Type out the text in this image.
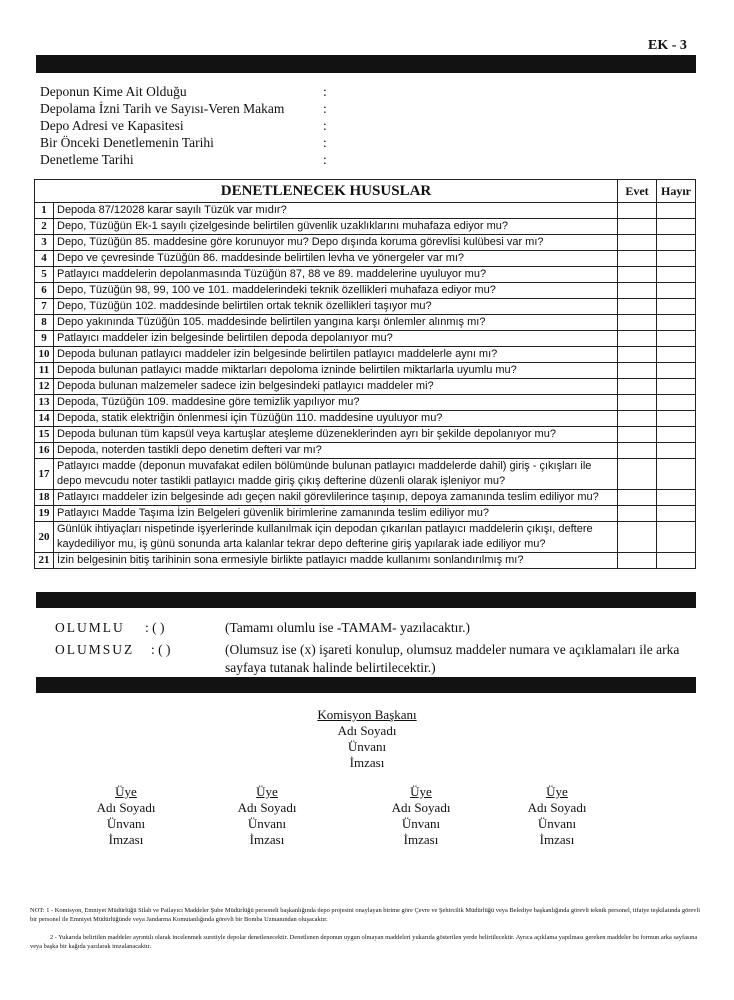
EK - 3
Deponun Kime Ait Olduğu	:
Depolama İzni Tarih ve Sayısı-Veren Makam	:
Depo Adresi ve Kapasitesi	:
Bir Önceki Denetlemenin Tarihi	:
Denetleme Tarihi	:
DENETLENECEK HUSUSLAR		Evet	Hayır
1	Depoda 87/12028 karar sayılı Tüzük var mıdır?		
2	Depo, Tüzüğün Ek-1 sayılı çizelgesinde belirtilen güvenlik uzaklıklarını muhafaza ediyor mu?		
3	Depo, Tüzüğün 85. maddesine göre korunuyor mu? Depo dışında koruma görevlisi kulübesi var mı?		
4	Depo ve çevresinde Tüzüğün 86. maddesinde belirtilen levha ve yönergeler var mı?		
5	Patlayıcı maddelerin depolanmasında Tüzüğün 87, 88 ve 89. maddelerine uyuluyor mu?		
6	Depo, Tüzüğün 98, 99, 100 ve 101. maddelerindeki teknik özellikleri muhafaza ediyor mu?		
7	Depo, Tüzüğün 102. maddesinde belirtilen ortak teknik özellikleri taşıyor mu?		
8	Depo yakınında Tüzüğün 105. maddesinde belirtilen yangına karşı önlemler alınmış mı?		
9	Patlayıcı maddeler izin belgesinde belirtilen depoda depolanıyor mu?		
10	Depoda bulunan patlayıcı maddeler izin belgesinde belirtilen patlayıcı maddelerle aynı mı?		
11	Depoda bulunan patlayıcı madde miktarları depoloma izninde belirtilen miktarlarla uyumlu mu?		
12	Depoda bulunan malzemeler sadece izin belgesindeki patlayıcı maddeler mi?		
13	Depoda, Tüzüğün 109. maddesine göre temizlik yapılıyor mu?		
14	Depoda, statik elektriğin önlenmesi için Tüzüğün 110. maddesine uyuluyor mu?		
15	Depoda bulunan tüm kapsül veya kartuşlar ateşleme düzeneklerinden ayrı bir şekilde depolanıyor mu?		
16	Depoda, noterden tastikli depo denetim defteri var mı?		
17	Patlayıcı madde (deponun muvafakat edilen bölümünde bulunan patlayıcı maddelerde dahil) giriş - çıkışları ile depo mevcudu noter tastikli patlayıcı madde giriş çıkış defterine düzenli olarak işleniyor mu?		
18	Patlayıcı maddeler izin belgesinde adı geçen nakil görevlilerince taşınıp, depoya zamanında teslim ediliyor mu?		
19	Patlayıcı Madde Taşıma İzin Belgeleri güvenlik birimlerine zamanında teslim ediliyor mu?		
20	Günlük ihtiyaçları nispetinde işyerlerinde kullanılmak için depodan çıkarılan patlayıcı maddelerin çıkışı, deftere kaydediliyor mu, iş günü sonunda arta kalanlar tekrar depo defterine giriş yapılarak iade ediliyor mu?		
21	İzin belgesinin bitiş tarihinin sona ermesiyle birlikte patlayıcı madde kullanımı sonlandırılmış mı?		
OLUMLU : ( )	(Tamamı olumlu ise -TAMAM- yazılacaktır.)
OLUMSUZ : ( )	(Olumsuz ise (x) işareti konulup, olumsuz maddeler numara ve açıklamaları ile arka sayfaya tutanak halinde belirtilecektir.)
Komisyon Başkanı
Adı Soyadı
Ünvanı
İmzası
Üye
Adı Soyadı
Ünvanı
İmzası
Üye
Adı Soyadı
Ünvanı
İmzası
Üye
Adı Soyadı
Ünvanı
İmzası
Üye
Adı Soyadı
Ünvanı
İmzası

NOT: 1 - Komisyon, Emniyet Müdürlüğü Silah ve Patlayıcı Maddeler Şube Müdürlüğü personeli başkanlığında depo projesini onaylayan birime göre Çevre ve Şehircilik Müdürlüğü veya Belediye başkanlığında görevli teknik personel, itfaiye teşkilatında görevli bir personel ile Emniyet Müdürlüğünde veya Jandarma Komutanlığında görevli bir Bomba Uzmanından oluşacaktır.

2 - Yukarıda belirtilen maddeler ayrıntılı olarak incelenmek suretiyle depolar denetlenecektir. Denetlenen deponun uygun olmayan maddeleri yukarıda gösterilen yerde belirtilecektir. Ayrıca açıklama yapılması gereken maddeler bu formun arka sayfasına veya başka bir kağıda yazılarak imzalanacaktır.
